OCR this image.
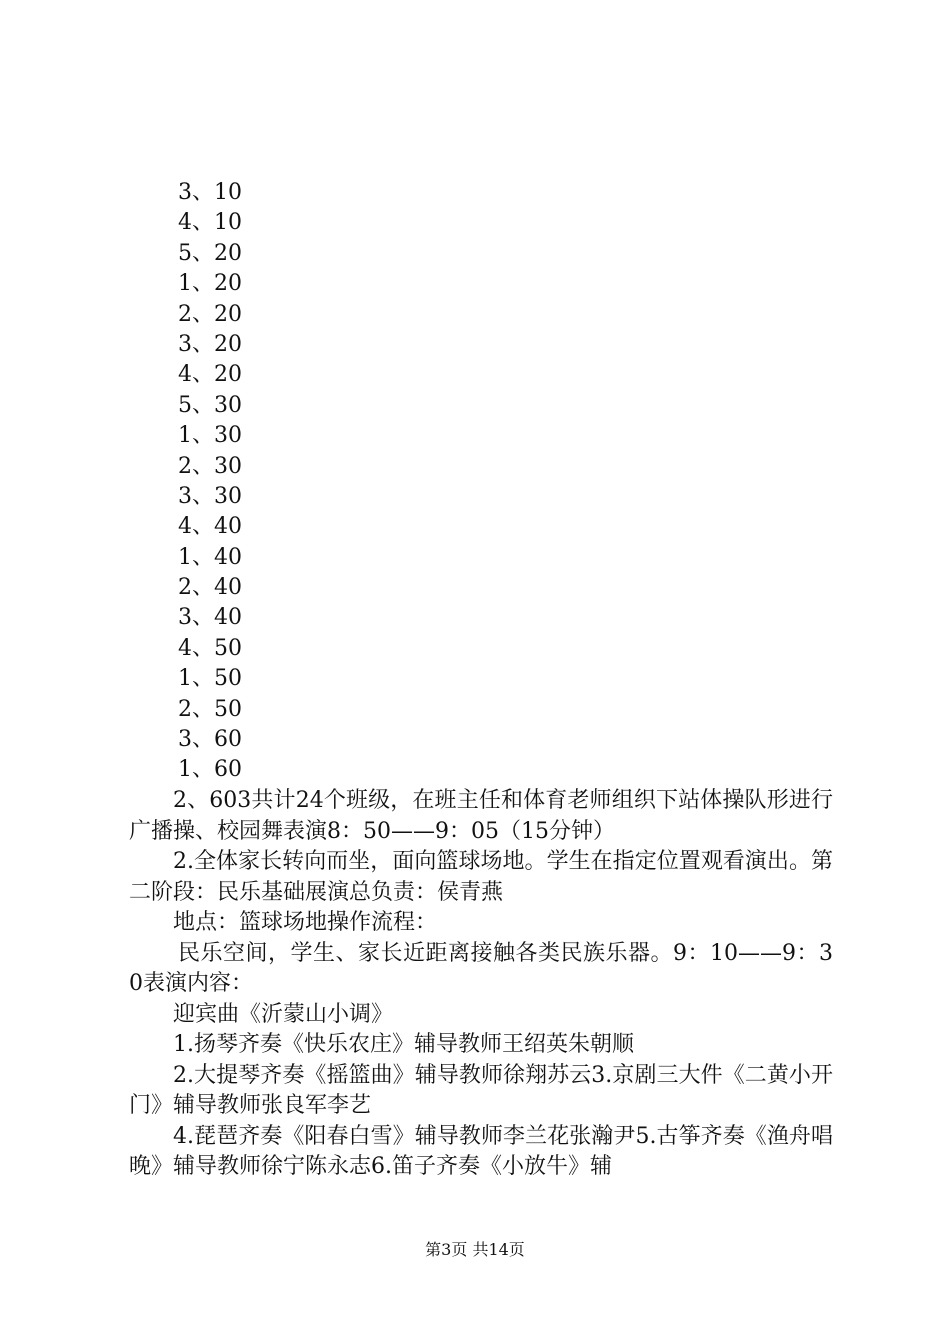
3、10
4、10
5、20
1、20
2、20
3、20
4、20
5、30
1、30
2、30
3、30
4、40
1、40
2、40
3、40
4、50
1、50
2、50
3、60
1、60

2、603共计24个班级，在班主任和体育老师组织下站体操队形进行广播操、校园舞表演8：50——9：05（15分钟）

2.全体家长转向而坐，面向篮球场地。学生在指定位置观看演出。第二阶段：民乐基础展演总负责：侯青燕

地点：篮球场地操作流程：

民乐空间，学生、家长近距离接触各类民族乐器。9：10——9：30表演内容：

迎宾曲《沂蒙山小调》

1.扬琴齐奏《快乐农庄》辅导教师王绍英朱朝顺

2.大提琴齐奏《摇篮曲》辅导教师徐翔苏云3.京剧三大件《二黄小开门》辅导教师张良军李艺

4.琵琶齐奏《阳春白雪》辅导教师李兰花张瀚尹5.古筝齐奏《渔舟唱晚》辅导教师徐宁陈永志6.笛子齐奏《小放牛》辅

第3页 共14页
